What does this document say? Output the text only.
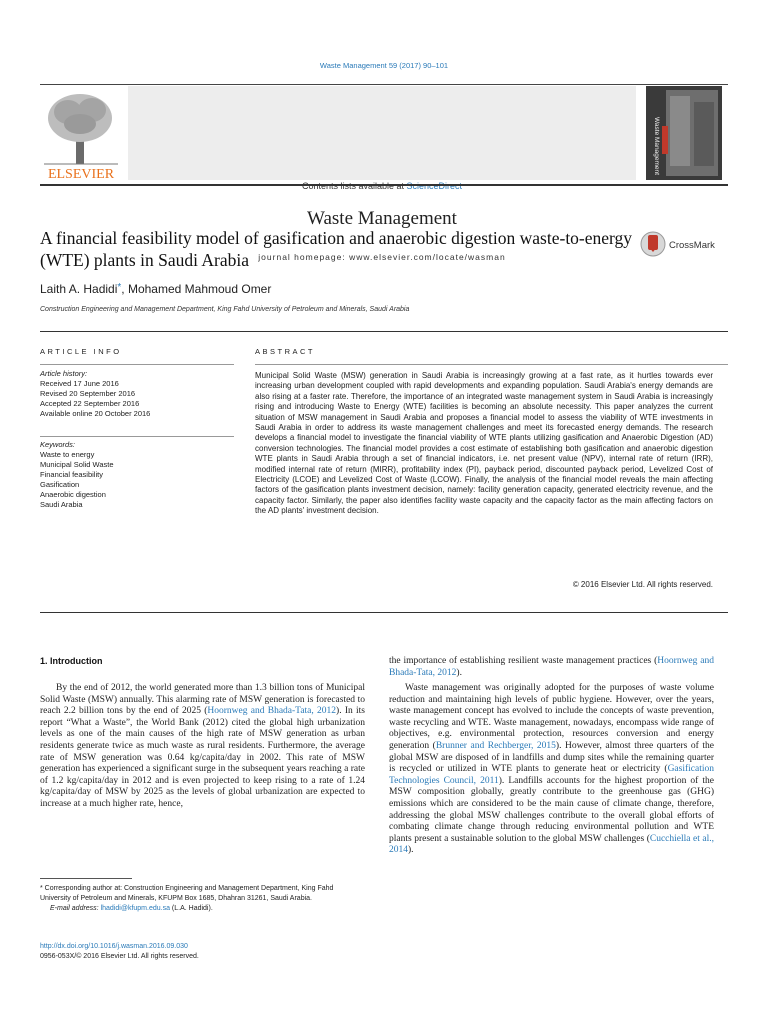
Waste Management 59 (2017) 90–101
ELSEVIER
Contents lists available at ScienceDirect
Waste Management
journal homepage: www.elsevier.com/locate/wasman
Waste Management
A financial feasibility model of gasification and anaerobic digestion waste-to-energy (WTE) plants in Saudi Arabia
CrossMark
Laith A. Hadidi*, Mohamed Mahmoud Omer
Construction Engineering and Management Department, King Fahd University of Petroleum and Minerals, Saudi Arabia
ARTICLE INFO	ABSTRACT
Article history:
Received 17 June 2016
Revised 20 September 2016
Accepted 22 September 2016
Available online 20 October 2016
Keywords:
Waste to energy
Municipal Solid Waste
Financial feasibility
Gasification
Anaerobic digestion
Saudi Arabia
Municipal Solid Waste (MSW) generation in Saudi Arabia is increasingly growing at a fast rate, as it hurtles towards ever increasing urban development coupled with rapid developments and expanding population. Saudi Arabia's energy demands are also rising at a faster rate. Therefore, the importance of an integrated waste management system in Saudi Arabia is increasingly rising and introducing Waste to Energy (WTE) facilities is becoming an absolute necessity. This paper analyzes the current situation of MSW management in Saudi Arabia and proposes a financial model to assess the viability of WTE investments in Saudi Arabia in order to address its waste management challenges and meet its forecasted energy demands. The research develops a financial model to investigate the financial viability of WTE plants utilizing gasification and Anaerobic Digestion (AD) conversion technologies. The financial model provides a cost estimate of establishing both gasification and anaerobic digestion WTE plants in Saudi Arabia through a set of financial indicators, i.e. net present value (NPV), internal rate of return (IRR), modified internal rate of return (MIRR), profitability index (PI), payback period, discounted payback period, Levelized Cost of Electricity (LCOE) and Levelized Cost of Waste (LCOW). Finally, the analysis of the financial model reveals the main affecting factors of the gasification plants investment decision, namely: facility generation capacity, generated electricity revenue, and the capacity factor. Similarly, the paper also identifies facility waste capacity and the capacity factor as the main affecting factors on the AD plants' investment decision.
© 2016 Elsevier Ltd. All rights reserved.
1. Introduction
By the end of 2012, the world generated more than 1.3 billion tons of Municipal Solid Waste (MSW) annually. This alarming rate of MSW generation is forecasted to reach 2.2 billion tons by the end of 2025 (Hoornweg and Bhada-Tata, 2012). In its report “What a Waste”, the World Bank (2012) cited the global high urbanization levels as one of the main causes of the high rate of MSW generation as urban residents generate twice as much waste as rural residents. Furthermore, the average rate of MSW generation was 0.64 kg/capita/day in 2002. This rate of MSW generation has experienced a significant surge in the subsequent years reaching a rate of 1.2 kg/capita/day in 2012 and is even projected to keep rising to a rate of 1.24 kg/capita/day of MSW by 2025 as the levels of global urbanization are expected to increase at a much higher rate, hence,
the importance of establishing resilient waste management practices (Hoornweg and Bhada-Tata, 2012).
Waste management was originally adopted for the purposes of waste volume reduction and maintaining high levels of public hygiene. However, over the years, waste management concept has evolved to include the concepts of waste prevention, waste recycling and WTE. Waste management, nowadays, encompass wide range of objectives, e.g. environmental protection, resources conversion and energy generation (Brunner and Rechberger, 2015). However, almost three quarters of the global MSW are disposed of in landfills and dump sites while the remaining quarter is recycled or utilized in WTE plants to generate heat or electricity (Gasification Technologies Council, 2011). Landfills accounts for the highest proportion of the MSW composition globally, greatly contribute to the greenhouse gas (GHG) emissions which are considered to be the main cause of climate change, therefore, addressing the global MSW challenges contribute to the overall global efforts of combating climate change through reducing environmental pollution and WTE plants present a sustainable solution to the global MSW challenges (Cucchiella et al., 2014).
* Corresponding author at: Construction Engineering and Management Department, King Fahd University of Petroleum and Minerals, KFUPM Box 1685, Dhahran 31261, Saudi Arabia.
E-mail address: lhadidi@kfupm.edu.sa (L.A. Hadidi).
http://dx.doi.org/10.1016/j.wasman.2016.09.030
0956-053X/© 2016 Elsevier Ltd. All rights reserved.
